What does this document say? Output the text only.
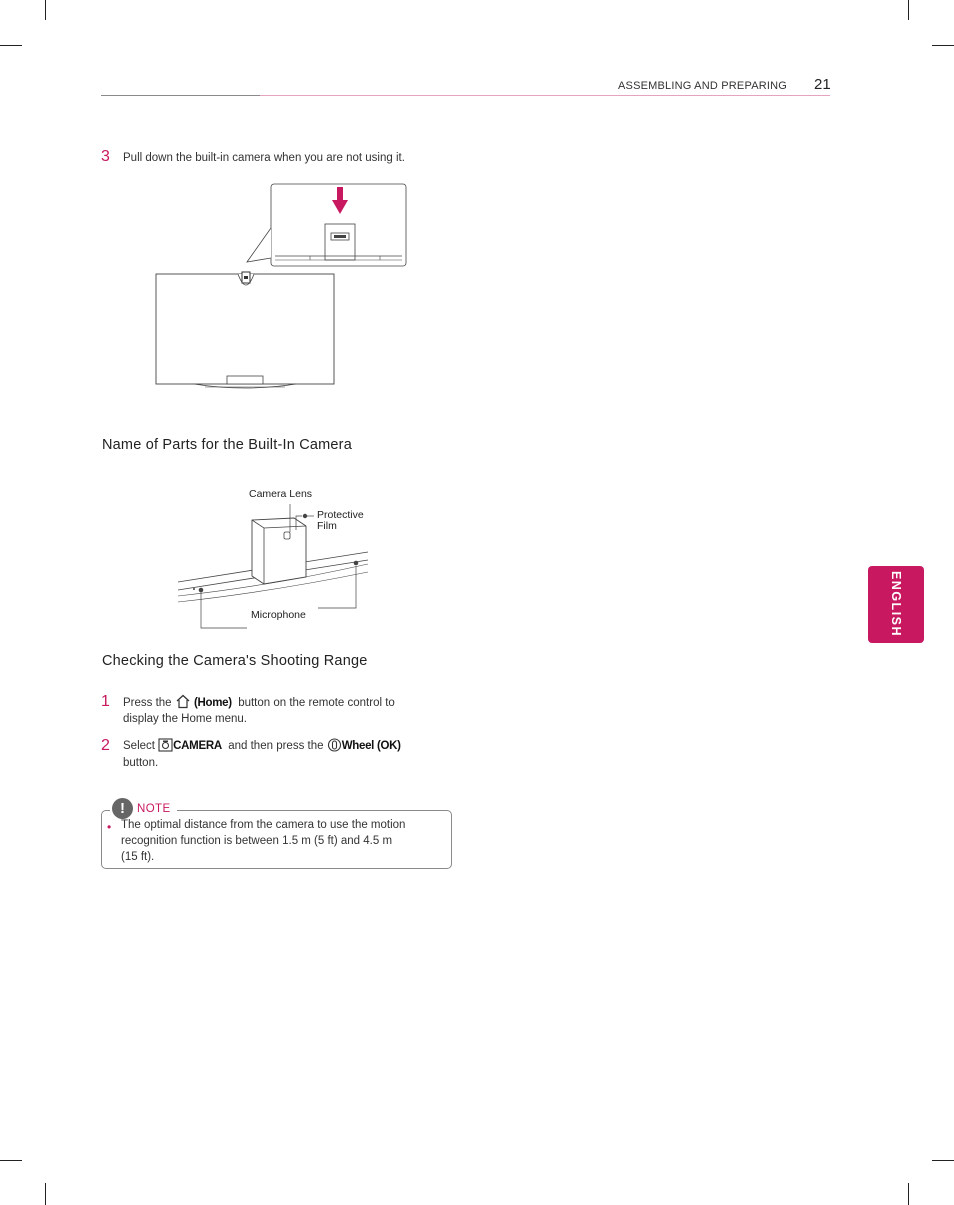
ASSEMBLING AND PREPARING 21
3 Pull down the built-in camera when you are not using it.
Name of Parts for the Built-In Camera
Camera Lens
Protective
Film
Microphone
Checking the Camera's Shooting Range
1 Press the (Home) button on the remote control to
display the Home menu.
2 Select CAMERA and then press the Wheel (OK)
button.
! NOTE
• The optimal distance from the camera to use the motion
recognition function is between 1.5 m (5 ft) and 4.5 m
(15 ft).
ENGLISH
